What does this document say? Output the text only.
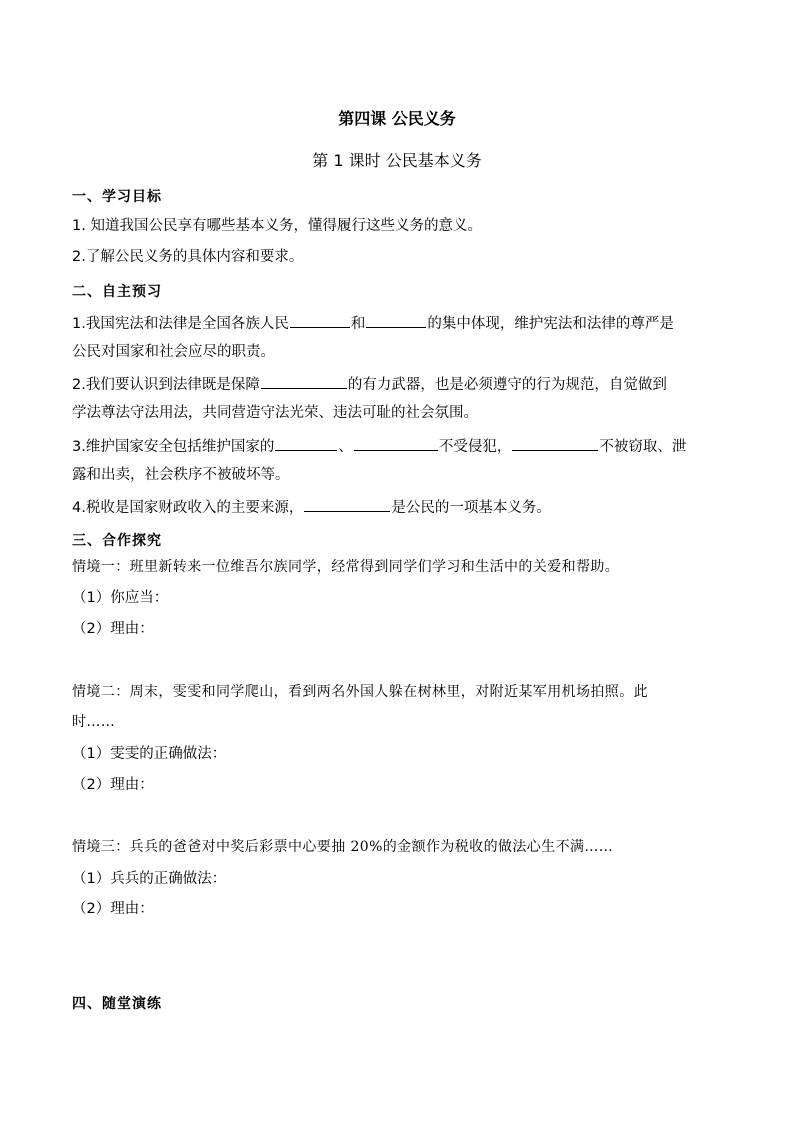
第四课 公民义务
第 1 课时 公民基本义务
一、学习目标
1. 知道我国公民享有哪些基本义务，懂得履行这些义务的意义。
2.了解公民义务的具体内容和要求。
二、自主预习
1.我国宪法和法律是全国各族人民	和	的集中体现，维护宪法和法律的尊严是
公民对国家和社会应尽的职责。
2.我们要认识到法律既是保障	的有力武器，也是必须遵守的行为规范，自觉做到
学法尊法守法用法，共同营造守法光荣、违法可耻的社会氛围。
3.维护国家安全包括维护国家的	、	不受侵犯，	不被窃取、泄
露和出卖，社会秩序不被破坏等。
4.税收是国家财政收入的主要来源，	是公民的一项基本义务。
三、合作探究
情境一：班里新转来一位维吾尔族同学，经常得到同学们学习和生活中的关爱和帮助。
（1）你应当：
（2）理由：
情境二：周末，雯雯和同学爬山，看到两名外国人躲在树林里，对附近某军用机场拍照。此
时……
（1）雯雯的正确做法：
（2）理由：
情境三：兵兵的爸爸对中奖后彩票中心要抽 20%的金额作为税收的做法心生不满……
（1）兵兵的正确做法：
（2）理由：
四、随堂演练
